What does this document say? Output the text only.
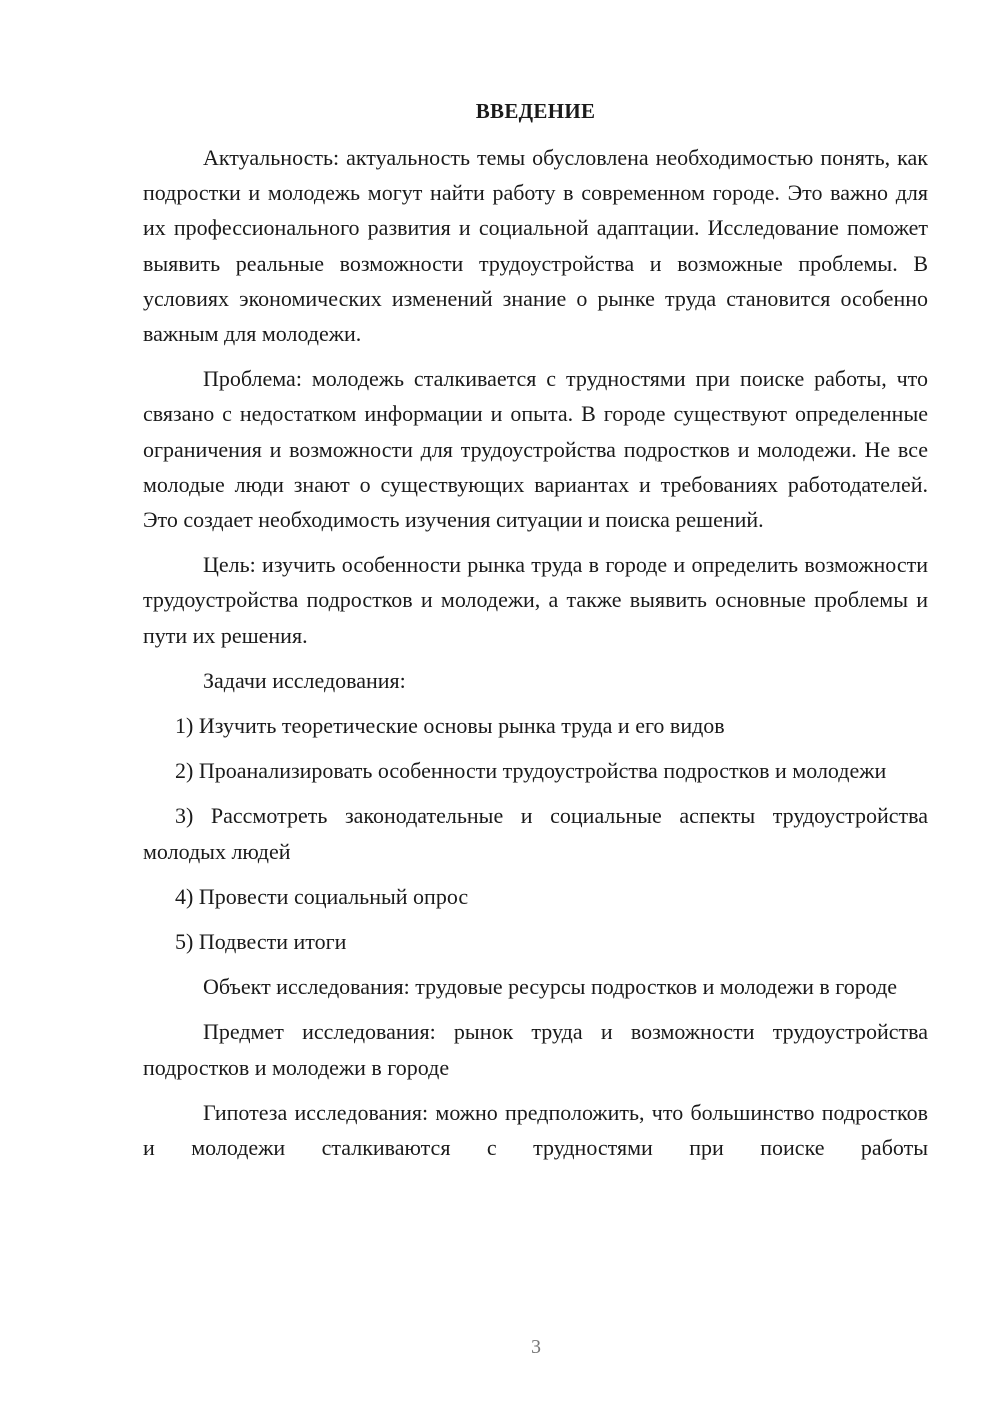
ВВЕДЕНИЕ

Актуальность: актуальность темы обусловлена необходимостью понять, как подростки и молодежь могут найти работу в современном городе. Это важно для их профессионального развития и социальной адаптации. Исследование поможет выявить реальные возможности трудоустройства и возможные проблемы. В условиях экономических изменений знание о рынке труда становится особенно важным для молодежи.

Проблема: молодежь сталкивается с трудностями при поиске работы, что связано с недостатком информации и опыта. В городе существуют определенные ограничения и возможности для трудоустройства подростков и молодежи. Не все молодые люди знают о существующих вариантах и требованиях работодателей. Это создает необходимость изучения ситуации и поиска решений.

Цель: изучить особенности рынка труда в городе и определить возможности трудоустройства подростков и молодежи, а также выявить основные проблемы и пути их решения.

Задачи исследования:

1) Изучить теоретические основы рынка труда и его видов

2) Проанализировать особенности трудоустройства подростков и молодежи

3) Рассмотреть законодательные и социальные аспекты трудоустройства молодых людей

4) Провести социальный опрос

5) Подвести итоги

Объект исследования: трудовые ресурсы подростков и молодежи в городе

Предмет исследования: рынок труда и возможности трудоустройства подростков и молодежи в городе

Гипотеза исследования: можно предположить, что большинство подростков и молодежи сталкиваются с трудностями при поиске работы

3
